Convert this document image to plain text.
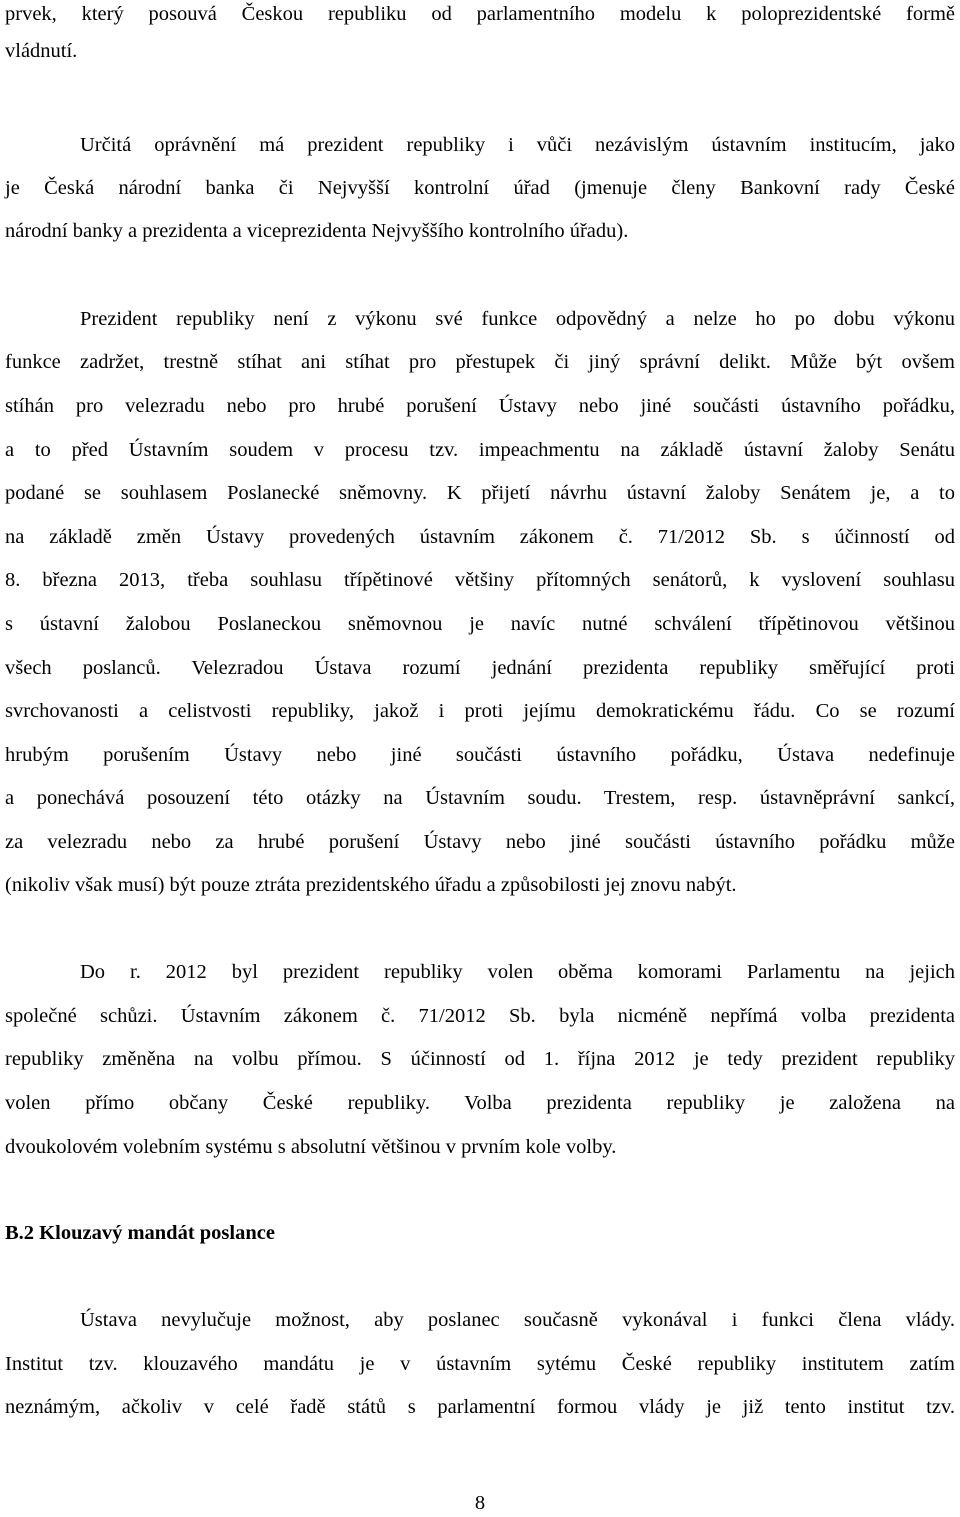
prvek, který posouvá Českou republiku od parlamentního modelu k poloprezidentské formě
vládnutí.
Určitá oprávnění má prezident republiky i vůči nezávislým ústavním institucím, jako
je Česká národní banka či Nejvyšší kontrolní úřad (jmenuje členy Bankovní rady České
národní banky a prezidenta a viceprezidenta Nejvyššího kontrolního úřadu).
Prezident republiky není z výkonu své funkce odpovědný a nelze ho po dobu výkonu
funkce zadržet, trestně stíhat ani stíhat pro přestupek či jiný správní delikt. Může být ovšem
stíhán pro velezradu nebo pro hrubé porušení Ústavy nebo jiné součásti ústavního pořádku,
a to před Ústavním soudem v procesu tzv. impeachmentu na základě ústavní žaloby Senátu
podané se souhlasem Poslanecké sněmovny. K přijetí návrhu ústavní žaloby Senátem je, a to
na základě změn Ústavy provedených ústavním zákonem č. 71/2012 Sb. s účinností od
8. března 2013, třeba souhlasu třípětinové většiny přítomných senátorů, k vyslovení souhlasu
s ústavní žalobou Poslaneckou sněmovnou je navíc nutné schválení třípětinovou většinou
všech poslanců. Velezradou Ústava rozumí jednání prezidenta republiky směřující proti
svrchovanosti a celistvosti republiky, jakož i proti jejímu demokratickému řádu. Co se rozumí
hrubým porušením Ústavy nebo jiné součásti ústavního pořádku, Ústava nedefinuje
a ponechává posouzení této otázky na Ústavním soudu. Trestem, resp. ústavněprávní sankcí,
za velezradu nebo za hrubé porušení Ústavy nebo jiné součásti ústavního pořádku může
(nikoliv však musí) být pouze ztráta prezidentského úřadu a způsobilosti jej znovu nabýt.
Do r. 2012 byl prezident republiky volen oběma komorami Parlamentu na jejich
společné schůzi. Ústavním zákonem č. 71/2012 Sb. byla nicméně nepřímá volba prezidenta
republiky změněna na volbu přímou. S účinností od 1. října 2012 je tedy prezident republiky
volen přímo občany České republiky. Volba prezidenta republiky je založena na
dvoukolovém volebním systému s absolutní většinou v prvním kole volby.
B.2 Klouzavý mandát poslance
Ústava nevylučuje možnost, aby poslanec současně vykonával i funkci člena vlády.
Institut tzv. klouzavého mandátu je v ústavním sytému České republiky institutem zatím
neznámým, ačkoliv v celé řadě států s parlamentní formou vlády je již tento institut tzv.
8
